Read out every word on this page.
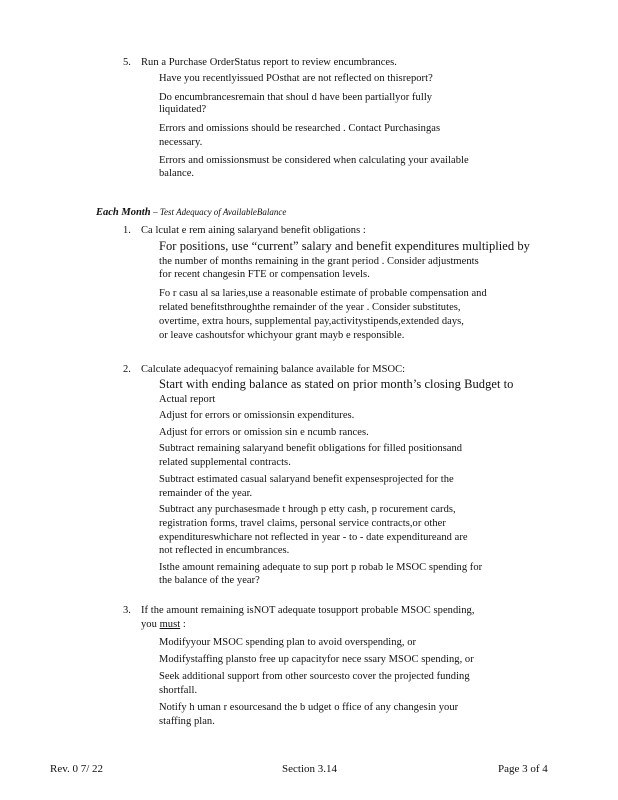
5. Run a Purchase OrderStatus report to review encumbrances.
Have you recentlyissued POsthat are not reflected on thisreport?
Do encumbrancesremain that shoul d have been partiallyor fully
liquidated?
Errors and omissions should be researched . Contact Purchasingas
necessary.
Errors and omissionsmust be considered when calculating your available
balance.
Each Month – Test Adequacy of AvailableBalance
1. Ca lculat e rem aining salaryand benefit obligations :
For positions, use “current” salary and benefit expenditures multiplied by
the number of months remaining in the grant period . Consider adjustments
for recent changesin FTE or compensation levels.
Fo r casu al sa laries,use a reasonable estimate of probable compensation and
related benefitsthroughthe remainder of the year . Consider substitutes,
overtime, extra hours, supplemental pay,activitystipends,extended days,
or leave cashoutsfor whichyour grant mayb e responsible.
2. Calculate adequacyof remaining balance available for MSOC:
Start with ending balance as stated on prior month’s closing Budget to
Actual report
Adjust for errors or omissionsin expenditures.
Adjust for errors or omission sin e ncumb rances.
Subtract remaining salaryand benefit obligations for filled positionsand
related supplemental contracts.
Subtract estimated casual salaryand benefit expensesprojected for the
remainder of the year.
Subtract any purchasesmade t hrough p etty cash, p rocurement cards,
registration forms, travel claims, personal service contracts,or other
expenditureswhichare not reflected in year - to - date expenditureand are
not reflected in encumbrances.
Isthe amount remaining adequate to sup port p robab le MSOC spending for
the balance of the year?
3. If the amount remaining isNOT adequate tosupport probable MSOC spending,
you must :
Modifyyour MSOC spending plan to avoid overspending, or
Modifystaffing plansto free up capacityfor nece ssary MSOC spending, or
Seek additional support from other sourcesto cover the projected funding
shortfall.
Notify h uman r esourcesand the b udget o ffice of any changesin your
staffing plan.
Rev. 0 7/ 22	Section 3.14	Page 3 of 4
